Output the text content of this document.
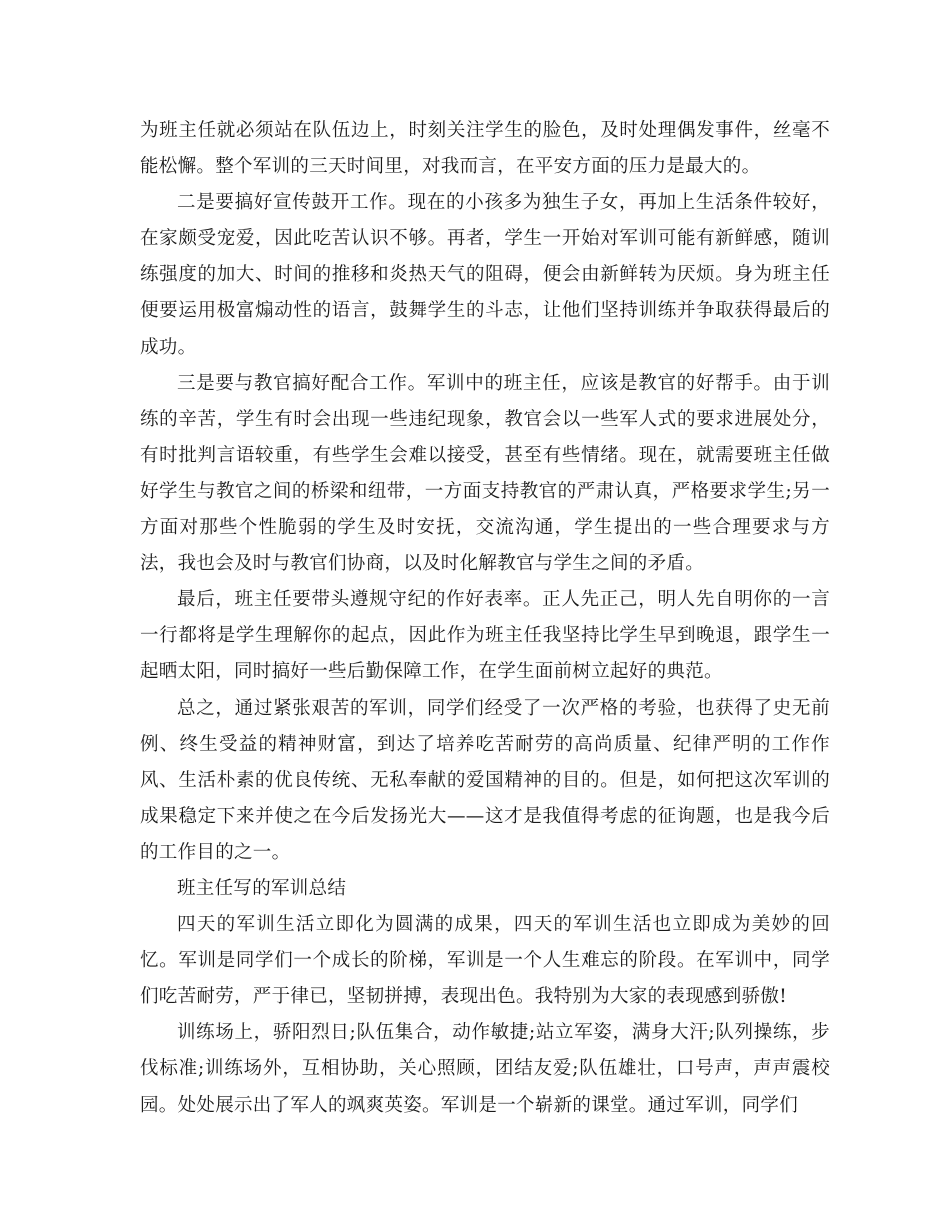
为班主任就必须站在队伍边上，时刻关注学生的脸色，及时处理偶发事件，丝毫不能松懈。整个军训的三天时间里，对我而言，在平安方面的压力是最大的。

二是要搞好宣传鼓开工作。现在的小孩多为独生子女，再加上生活条件较好，在家颇受宠爱，因此吃苦认识不够。再者，学生一开始对军训可能有新鲜感，随训练强度的加大、时间的推移和炎热天气的阻碍，便会由新鲜转为厌烦。身为班主任便要运用极富煽动性的语言，鼓舞学生的斗志，让他们坚持训练并争取获得最后的成功。

三是要与教官搞好配合工作。军训中的班主任，应该是教官的好帮手。由于训练的辛苦，学生有时会出现一些违纪现象，教官会以一些军人式的要求进展处分，有时批判言语较重，有些学生会难以接受，甚至有些情绪。现在，就需要班主任做好学生与教官之间的桥梁和纽带，一方面支持教官的严肃认真，严格要求学生;另一方面对那些个性脆弱的学生及时安抚，交流沟通，学生提出的一些合理要求与方法，我也会及时与教官们协商，以及时化解教官与学生之间的矛盾。

最后，班主任要带头遵规守纪的作好表率。正人先正己，明人先自明你的一言一行都将是学生理解你的起点，因此作为班主任我坚持比学生早到晚退，跟学生一起晒太阳，同时搞好一些后勤保障工作，在学生面前树立起好的典范。

总之，通过紧张艰苦的军训，同学们经受了一次严格的考验，也获得了史无前例、终生受益的精神财富，到达了培养吃苦耐劳的高尚质量、纪律严明的工作作风、生活朴素的优良传统、无私奉献的爱国精神的目的。但是，如何把这次军训的成果稳定下来并使之在今后发扬光大——这才是我值得考虑的征询题，也是我今后的工作目的之一。

班主任写的军训总结

四天的军训生活立即化为圆满的成果，四天的军训生活也立即成为美妙的回忆。军训是同学们一个成长的阶梯，军训是一个人生难忘的阶段。在军训中，同学们吃苦耐劳，严于律已，坚韧拼搏，表现出色。我特别为大家的表现感到骄傲!

训练场上，骄阳烈日;队伍集合，动作敏捷;站立军姿，满身大汗;队列操练，步伐标准;训练场外，互相协助，关心照顾，团结友爱;队伍雄壮，口号声，声声震校园。处处展示出了军人的飒爽英姿。军训是一个崭新的课堂。通过军训，同学们
